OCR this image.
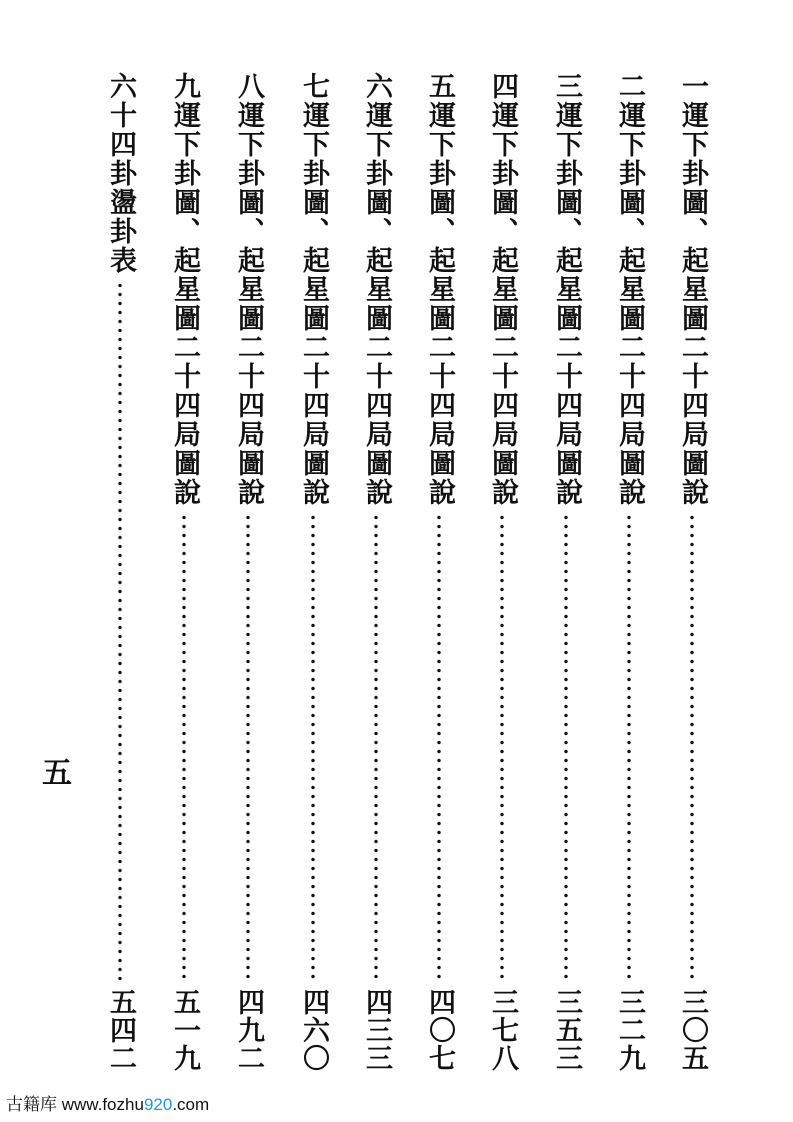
一運下卦圖、起星圖二十四局圖說
三〇五
二運下卦圖、起星圖二十四局圖說
三二九
三運下卦圖、起星圖二十四局圖說
三五三
四運下卦圖、起星圖二十四局圖說
三七八
五運下卦圖、起星圖二十四局圖說
四〇七
六運下卦圖、起星圖二十四局圖說
四三三
七運下卦圖、起星圖二十四局圖說
四六〇
八運下卦圖、起星圖二十四局圖說
四九二
九運下卦圖、起星圖二十四局圖說
五一九
六十四卦盪卦表
五四二
五
古籍库 www.fozhu920.com
